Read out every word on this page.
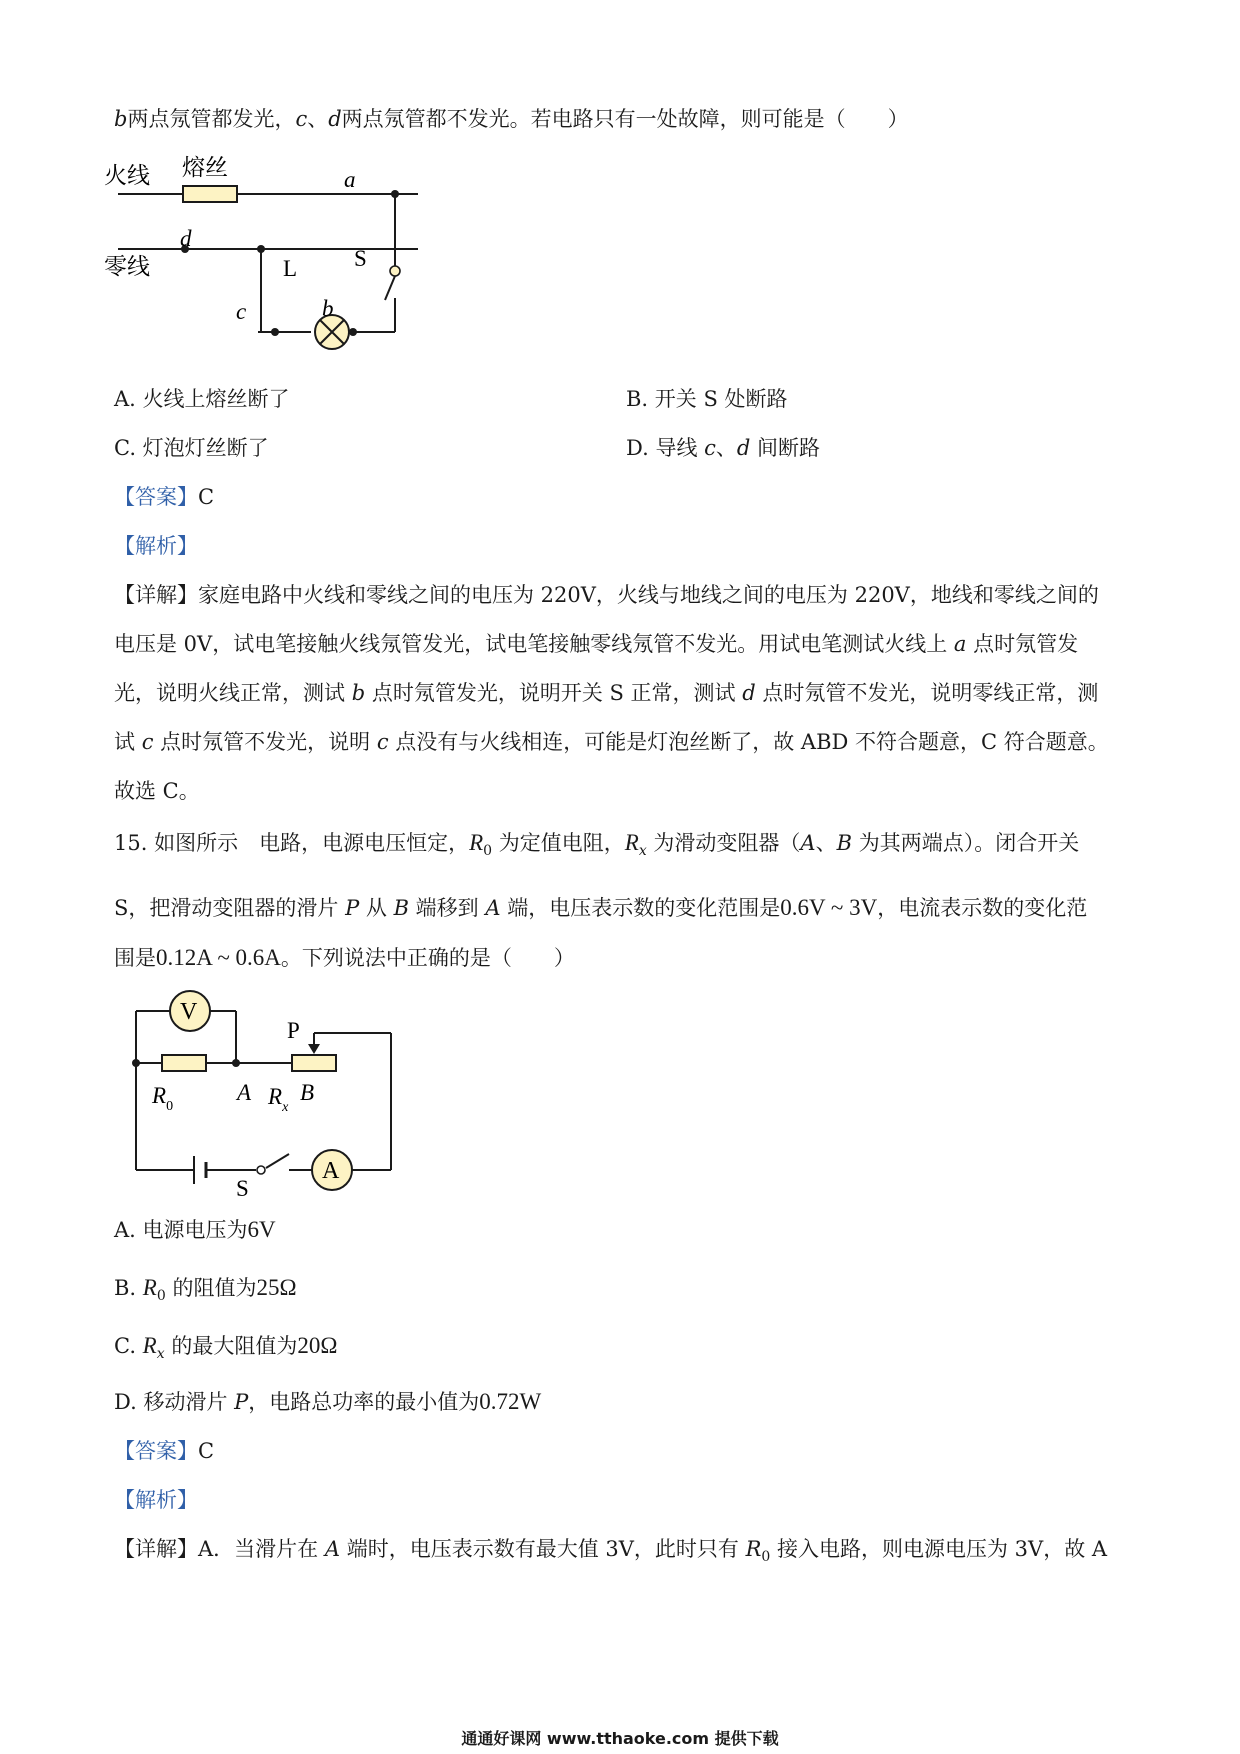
b两点氖管都发光，c、d两点氖管都不发光。若电路只有一处故障，则可能是（　　）
火线 熔丝
零线
a
d
L S
c	b
A. 火线上熔丝断了	B. 开关 S 处断路
C. 灯泡灯丝断了	D. 导线 c、d 间断路
【答案】C
【解析】
【详解】家庭电路中火线和零线之间的电压为 220V，火线与地线之间的电压为 220V，地线和零线之间的
电压是 0V，试电笔接触火线氖管发光，试电笔接触零线氖管不发光。用试电笔测试火线上 a 点时氖管发
光，说明火线正常，测试 b 点时氖管发光，说明开关 S 正常，测试 d 点时氖管不发光，说明零线正常，测
试 c 点时氖管不发光，说明 c 点没有与火线相连，可能是灯泡丝断了，故 ABD 不符合题意，C 符合题意。
故选 C。
15. 如图所示　电路，电源电压恒定，$R_0$ 为定值电阻，$R_x$ 为滑动变阻器（A、B 为其两端点）。闭合开关
S，把滑动变阻器的滑片 P 从 B 端移到 A 端，电压表示数的变化范围是0.6V ~ 3V，电流表示数的变化范
围是0.12A ~ 0.6A。下列说法中正确的是（　　）
V
A
P
$R_0$
A $R_x$
B
S
A. 电源电压为6V
B. $R_0$ 的阻值为25Ω
C. $R_x$ 的最大阻值为20Ω
D. 移动滑片 P，电路总功率的最小值为0.72W
【答案】C
【解析】
【详解】A．当滑片在 A 端时，电压表示数有最大值 3V，此时只有 $R_0$ 接入电路，则电源电压为 3V，故 A
通通好课网 www.tthaoke.com 提供下载
